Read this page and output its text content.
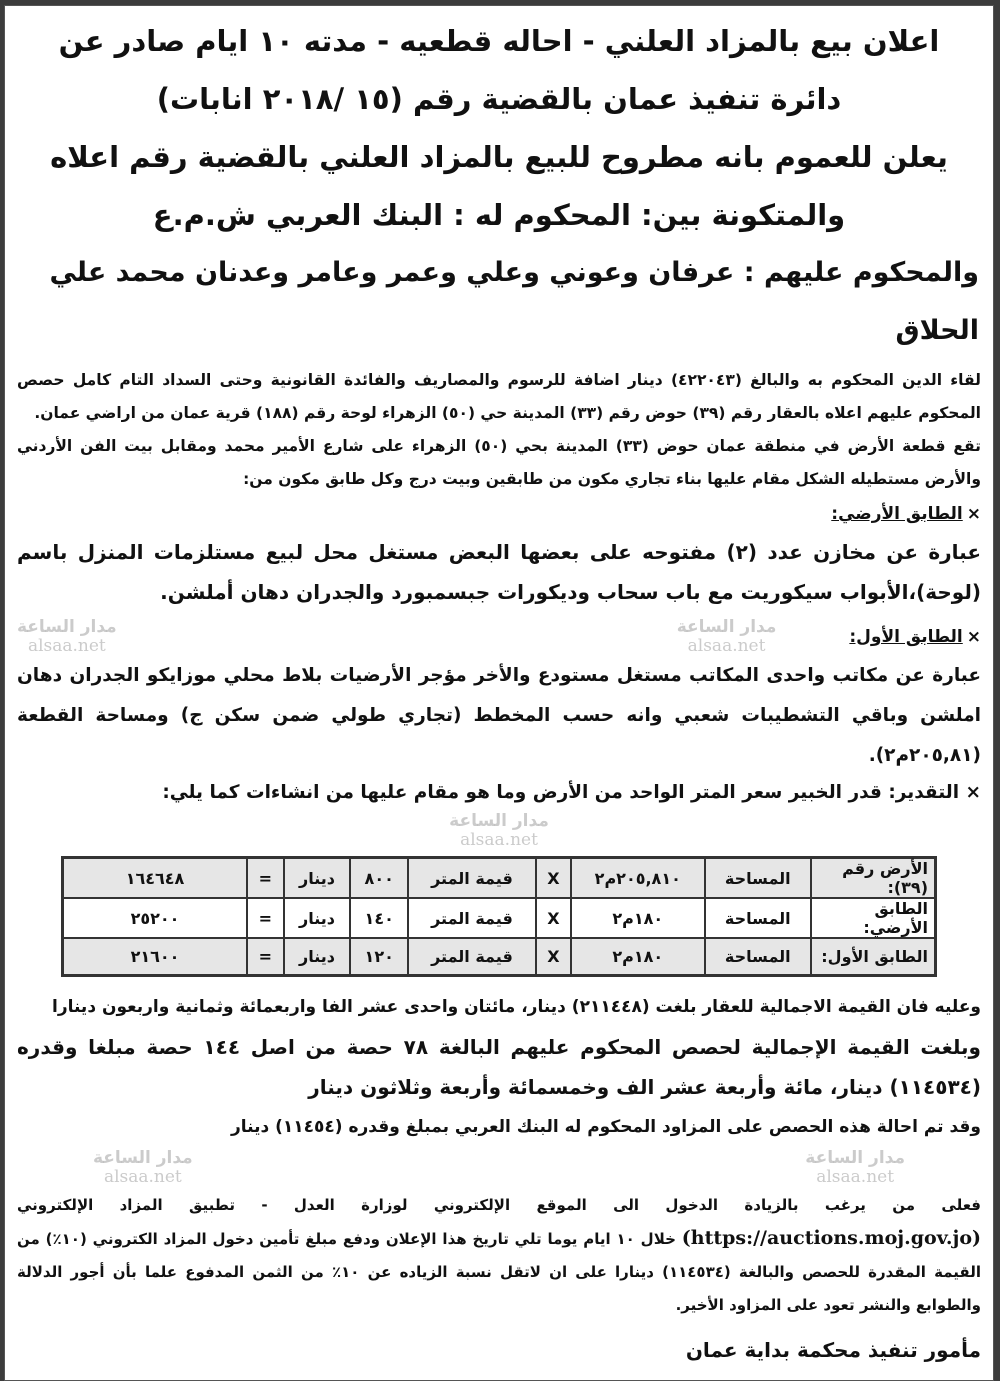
اعلان بيع بالمزاد العلني - احاله قطعيه - مدته ١٠ ايام صادر عن

دائرة تنفيذ عمان بالقضية رقم (١٥ /٢٠١٨ انابات)

يعلن للعموم بانه مطروح للبيع بالمزاد العلني بالقضية رقم اعلاه

والمتكونة بين: المحكوم له : البنك العربي ش.م.ع

والمحكوم عليهم : عرفان وعوني وعلي وعمر وعامر وعدنان محمد علي الحلاق

لقاء الدين المحكوم به والبالغ (٤٢٢٠٤٣) دينار اضافة للرسوم والمصاريف والفائدة القانونية وحتى السداد التام كامل حصص المحكوم عليهم اعلاه بالعقار رقم (٣٩) حوض رقم (٣٣) المدينة حي (٥٠) الزهراء لوحة رقم (١٨٨) قرية عمان من اراضي عمان.

تقع قطعة الأرض في منطقة عمان حوض (٣٣) المدينة بحي (٥٠) الزهراء على شارع الأمير محمد ومقابل بيت الفن الأردني والأرض مستطيله الشكل مقام عليها بناء تجاري مكون من طابقين وبيت درج وكل طابق مكون من:

×الطابق الأرضي:

عبارة عن مخازن عدد (٢) مفتوحه على بعضها البعض مستغل محل لبيع مستلزمات المنزل باسم (لوحة)،الأبواب سيكوريت مع باب سحاب وديكورات جبسمبورد والجدران دهان أملشن.

×الطابق الأول:

مدار الساعة
alsaa.net
مدار الساعة
alsaa.net

عبارة عن مكاتب واحدى المكاتب مستغل مستودع والأخر مؤجر الأرضيات بلاط محلي موزايكو الجدران دهان املشن وباقي التشطيبات شعبي وانه حسب المخطط (تجاري طولي ضمن سكن ج) ومساحة القطعة (٢٠٥,٨١م٢).

× التقدير: قدر الخبير سعر المتر الواحد من الأرض وما هو مقام عليها من انشاءات كما يلي:

مدار الساعة
alsaa.net
الأرض رقم (٣٩):	المساحة	٢٠٥,٨١٠م٢	X	قيمة المتر	٨٠٠	دينار	=	١٦٤٦٤٨
الطابق الأرضي:	المساحة	١٨٠م٢	X	قيمة المتر	١٤٠	دينار	=	٢٥٢٠٠
الطابق الأول:	المساحة	١٨٠م٢	X	قيمة المتر	١٢٠	دينار	=	٢١٦٠٠

وعليه فان القيمة الاجمالية للعقار بلغت (٢١١٤٤٨) دينار، مائتان واحدى عشر الفا واربعمائة وثمانية واربعون دينارا

وبلغت القيمة الإجمالية لحصص المحكوم عليهم البالغة ٧٨ حصة من اصل ١٤٤ حصة مبلغا وقدره (١١٤٥٣٤) دينار، مائة وأربعة عشر الف وخمسمائة وأربعة وثلاثون دينار

وقد تم احالة هذه الحصص على المزاود المحكوم له البنك العربي بمبلغ وقدره (١١٤٥٤) دينار

مدار الساعة
alsaa.net
مدار الساعة
alsaa.net

فعلى من يرغب بالزيادة الدخول الى الموقع الإلكتروني لوزارة العدل - تطبيق المزاد الإلكتروني (https://auctions.moj.gov.jo) خلال ١٠ ايام يوما تلي تاريخ هذا الإعلان ودفع مبلغ تأمين دخول المزاد الكتروني (١٠٪) من القيمة المقدرة للحصص والبالغة (١١٤٥٣٤) دينارا على ان لاتقل نسبة الزياده عن ١٠٪ من الثمن المدفوع علما بأن أجور الدلالة والطوابع والنشر تعود على المزاود الأخير.

مأمور تنفيذ محكمة بداية عمان
